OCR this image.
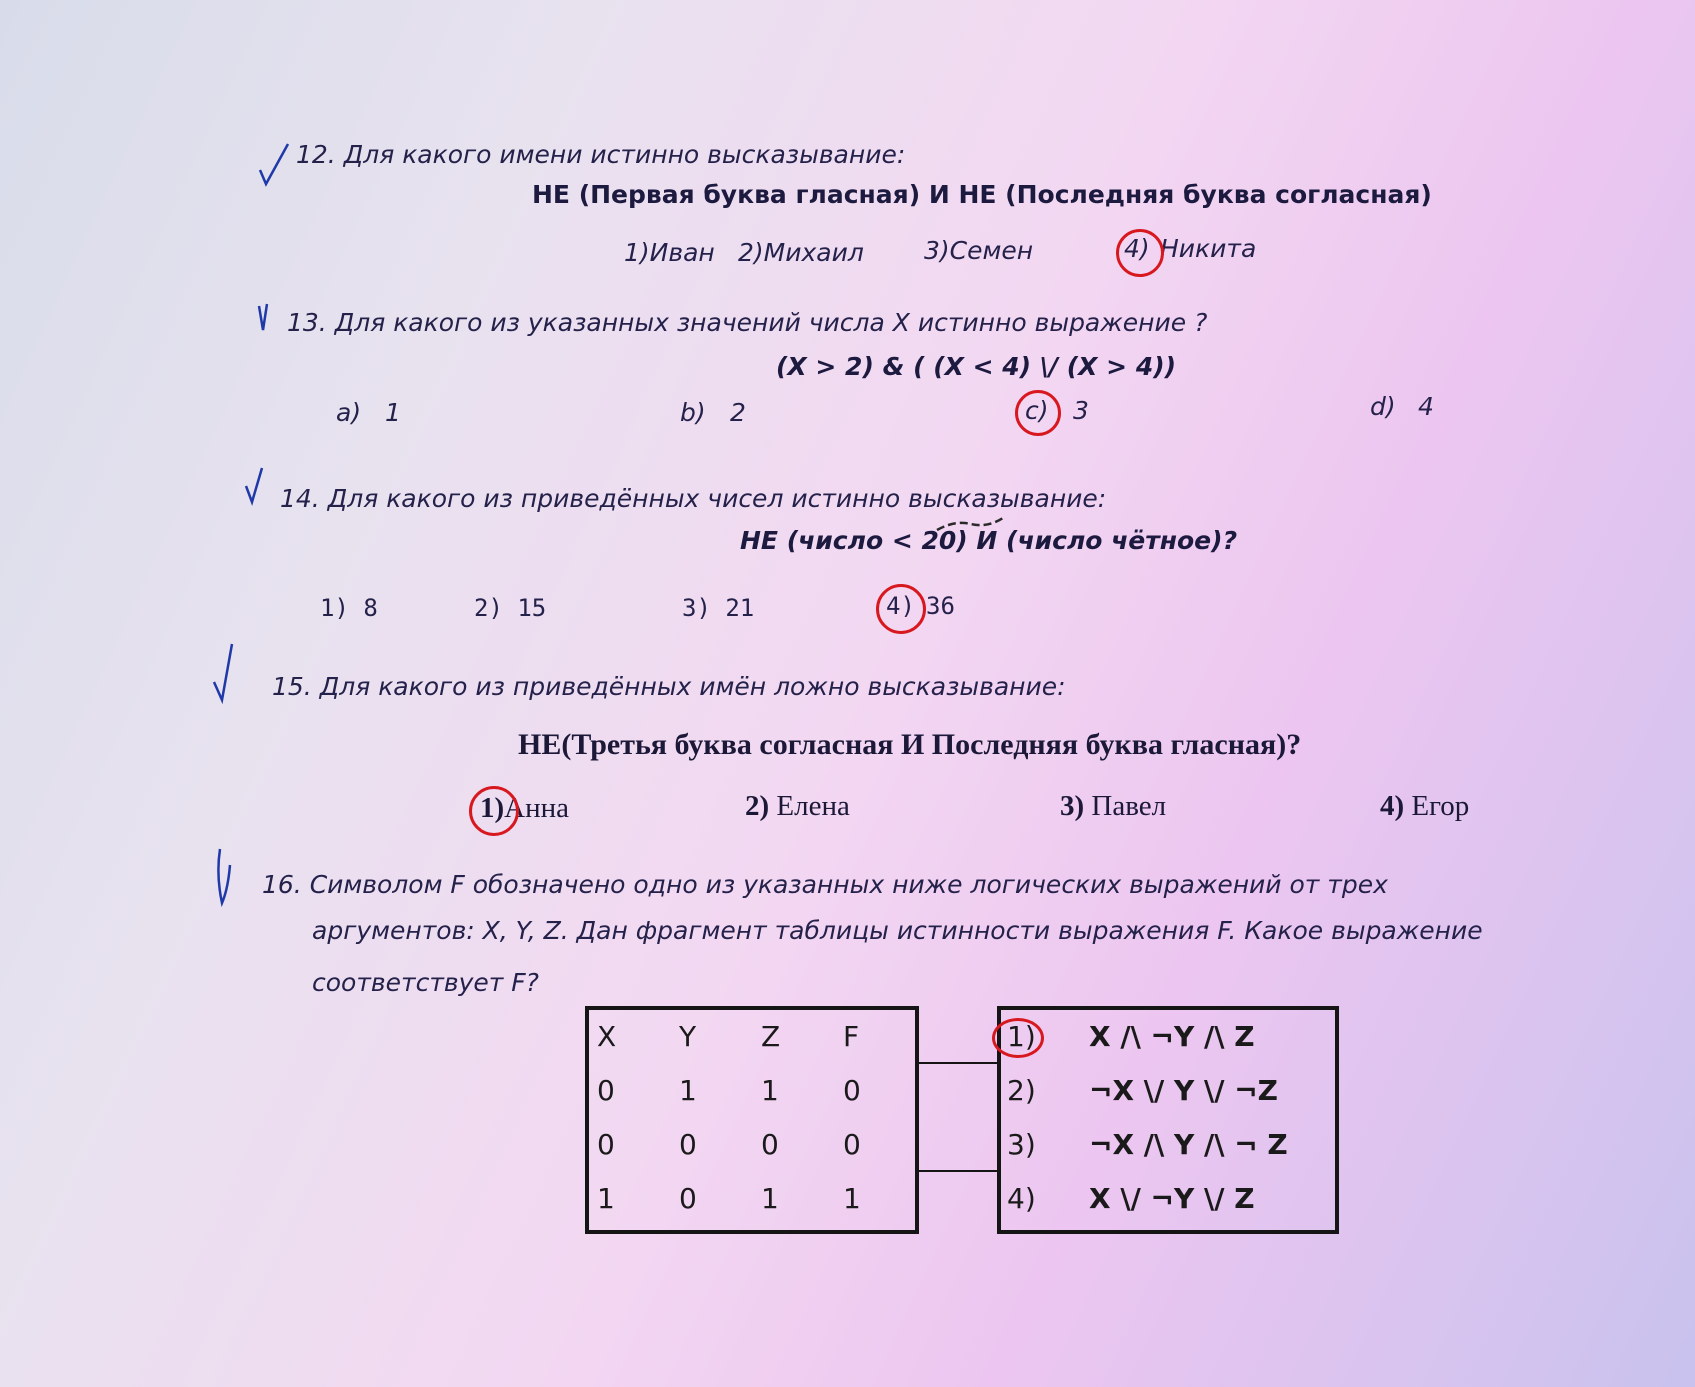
12. Для какого имени истинно высказывание:
НЕ (Первая буква гласная) И НЕ (Последняя буква согласная)
1)Иван 2)Михаил 3)Семен	4) Никита
13. Для какого из указанных значений числа Х истинно выражение ?
(X > 2) & ( (X < 4) \/ (X > 4))
a) 1	b) 2	c) 3	d) 4
14. Для какого из приведённых чисел истинно высказывание:
НЕ (число < 20) И (число чётное)?
1) 8	2) 15	3) 21	4) 36
15. Для какого из приведённых имён ложно высказывание:
НЕ(Третья буква согласная И Последняя буква гласная)?
1)Анна	2) Елена	3) Павел	4) Егор
16. Символом F обозначено одно из указанных ниже логических выражений от трех
аргументов: X, Y, Z. Дан фрагмент таблицы истинности выражения F. Какое выражение
соответствует F?
X Y Z F
0 1 1 0
0 0 0 0
1 0 1 1
1) X /\ ¬Y /\ Z
2) ¬X \/ Y \/ ¬Z
3) ¬X /\ Y /\ ¬ Z
4) X \/ ¬Y \/ Z
